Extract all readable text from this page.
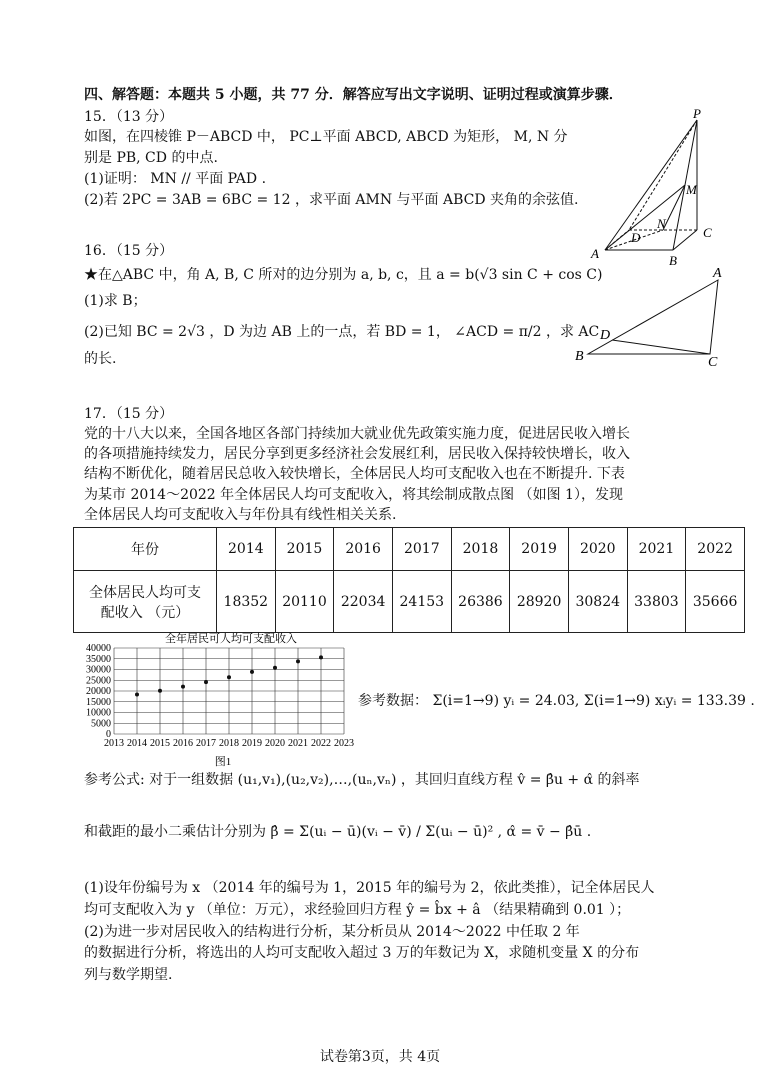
四、解答题：本题共 5 小题，共 77 分．解答应写出文字说明、证明过程或演算步骤．
15．（13 分）
如图，在四棱锥 P－ABCD 中， PC⊥平面 ABCD, ABCD 为矩形， M, N 分
别是 PB, CD 的中点.
(1)证明： MN // 平面 PAD .
(2)若 2PC = 3AB = 6BC = 12 ，求平面 AMN 与平面 ABCD 夹角的余弦值.
P
M
N
D
A	B
C
16．（15 分）
★在△ABC 中，角 A, B, C 所对的边分别为 a, b, c，且 a = b(√3 sin C + cos C)
(1)求 B；
(2)已知 BC = 2√3 ，D 为边 AB 上的一点，若 BD = 1， ∠ACD = π/2 ，求 AC
的长.
A
D
B	C
17．（15 分）
党的十八大以来，全国各地区各部门持续加大就业优先政策实施力度，促进居民收入增长
的各项措施持续发力，居民分享到更多经济社会发展红利，居民收入保持较快增长，收入
结构不断优化，随着居民总收入较快增长，全体居民人均可支配收入也在不断提升. 下表
为某市 2014～2022 年全体居民人均可支配收入，将其绘制成散点图 （如图 1），发现
全体居民人均可支配收入与年份具有线性相关关系.
年份	2014	2015	2016	2017	2018	2019	2020	2021	2022

全体居民人均可支
配收入 （元）	18352	20110	22034	24153	26386	28920	30824	33803	35666
全年居民可人均可支配收入
0
5000
10000
15000
20000
25000
30000
35000
40000
2013 2014 2015 2016 2017 2018 2019 2020 2021 2022 2023
图1
参考数据： Σ(i=1→9) yᵢ = 24.03, Σ(i=1→9) xᵢyᵢ = 133.39 .
参考公式: 对于一组数据 (u₁,v₁),(u₂,v₂),…,(uₙ,vₙ) ，其回归直线方程 v̂ = β̂u + α̂ 的斜率
和截距的最小二乘估计分别为 β̂ = Σ(uᵢ − ū)(vᵢ − v̄) / Σ(uᵢ − ū)² , α̂ = v̄ − β̂ū .
(1)设年份编号为 x （2014 年的编号为 1，2015 年的编号为 2，依此类推），记全体居民人
均可支配收入为 y （单位：万元），求经验回归方程 ŷ = b̂x + â （结果精确到 0.01 ）；
(2)为进一步对居民收入的结构进行分析，某分析员从 2014～2022 中任取 2 年
的数据进行分析，将选出的人均可支配收入超过 3 万的年数记为 X，求随机变量 X 的分布
列与数学期望.
试卷第3页，共 4页
